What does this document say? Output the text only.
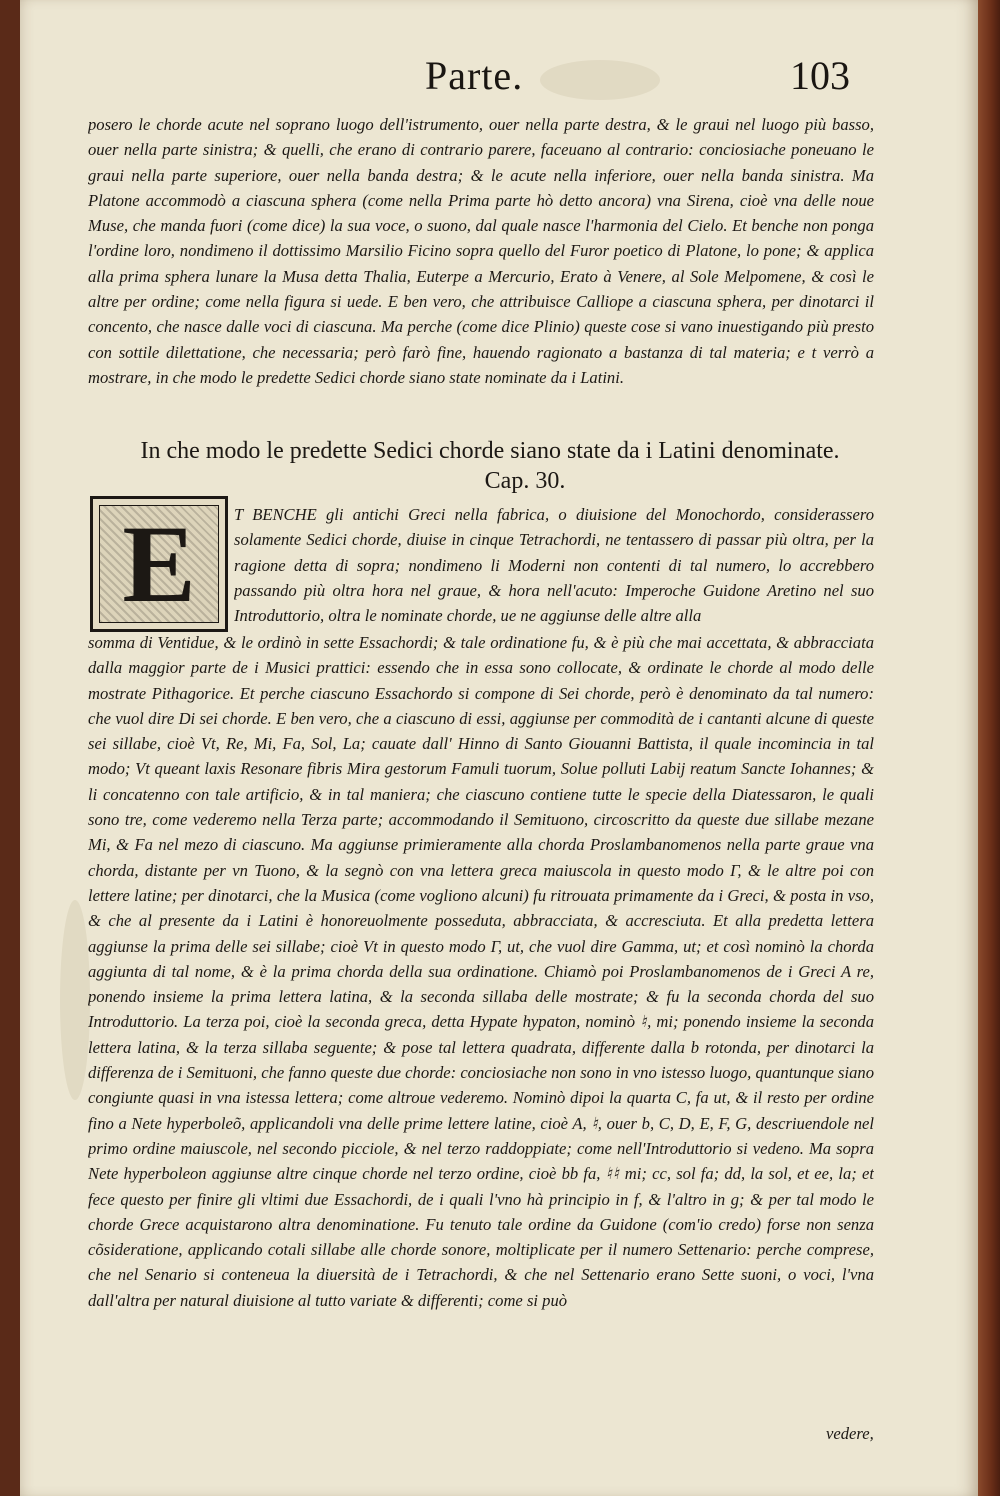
Parte.	103
posero le chorde acute nel soprano luogo dell'istrumento, ouer nella parte destra, & le graui nel luogo più basso, ouer nella parte sinistra; & quelli, che erano di contrario parere, faceuano al contrario: conciosiache poneuano le graui nella parte superiore, ouer nella banda destra; & le acute nella inferiore, ouer nella banda sinistra. Ma Platone accommodò a ciascuna sphera (come nella Prima parte hò detto ancora) vna Sirena, cioè vna delle noue Muse, che manda fuori (come dice) la sua voce, o suono, dal quale nasce l'harmonia del Cielo. Et benche non ponga l'ordine loro, nondimeno il dottissimo Marsilio Ficino sopra quello del Furor poetico di Platone, lo pone; & applica alla prima sphera lunare la Musa detta Thalia, Euterpe a Mercurio, Erato à Venere, al Sole Melpomene, & così le altre per ordine; come nella figura si uede. E ben vero, che attribuisce Calliope a ciascuna sphera, per dinotarci il concento, che nasce dalle voci di ciascuna. Ma perche (come dice Plinio) queste cose si vano inuestigando più presto con sottile dilettatione, che necessaria; però farò fine, hauendo ragionato a bastanza di tal materia; e t verrò a mostrare, in che modo le predette Sedici chorde siano state nominate da i Latini.
In che modo le predette Sedici chorde siano state da i Latini denominate. Cap. 30.
E	T BENCHE gli antichi Greci nella fabrica, o diuisione del Monochordo, considerassero solamente Sedici chorde, diuise in cinque Tetrachordi, ne tentassero di passar più oltra, per la ragione detta di sopra; nondimeno li Moderni non contenti di tal numero, lo accrebbero passando più oltra hora nel graue, & hora nell'acuto: Imperoche Guidone Aretino nel suo Introduttorio, oltra le nominate chorde, ue ne aggiunse delle altre alla
somma di Ventidue, & le ordinò in sette Essachordi; & tale ordinatione fu, & è più che mai accettata, & abbracciata dalla maggior parte de i Musici prattici: essendo che in essa sono collocate, & ordinate le chorde al modo delle mostrate Pithagorice. Et perche ciascuno Essachordo si compone di Sei chorde, però è denominato da tal numero: che vuol dire Di sei chorde. E ben vero, che a ciascuno di essi, aggiunse per commodità de i cantanti alcune di queste sei sillabe, cioè Vt, Re, Mi, Fa, Sol, La; cauate dall' Hinno di Santo Giouanni Battista, il quale incomincia in tal modo; Vt queant laxis Resonare fibris Mira gestorum Famuli tuorum, Solue polluti Labij reatum Sancte Iohannes; & li concatenno con tale artificio, & in tal maniera; che ciascuno contiene tutte le specie della Diatessaron, le quali sono tre, come vederemo nella Terza parte; accommodando il Semituono, circoscritto da queste due sillabe mezane Mi, & Fa nel mezo di ciascuno. Ma aggiunse primieramente alla chorda Proslambanomenos nella parte graue vna chorda, distante per vn Tuono, & la segnò con vna lettera greca maiuscola in questo modo Γ, & le altre poi con lettere latine; per dinotarci, che la Musica (come vogliono alcuni) fu ritrouata primamente da i Greci, & posta in vso, & che al presente da i Latini è honoreuolmente posseduta, abbracciata, & accresciuta. Et alla predetta lettera aggiunse la prima delle sei sillabe; cioè Vt in questo modo Γ, ut, che vuol dire Gamma, ut; et così nominò la chorda aggiunta di tal nome, & è la prima chorda della sua ordinatione. Chiamò poi Proslambanomenos de i Greci A re, ponendo insieme la prima lettera latina, & la seconda sillaba delle mostrate; & fu la seconda chorda del suo Introduttorio. La terza poi, cioè la seconda greca, detta Hypate hypaton, nominò ♮, mi; ponendo insieme la seconda lettera latina, & la terza sillaba seguente; & pose tal lettera quadrata, differente dalla b rotonda, per dinotarci la differenza de i Semituoni, che fanno queste due chorde: conciosiache non sono in vno istesso luogo, quantunque siano congiunte quasi in vna istessa lettera; come altroue vederemo. Nominò dipoi la quarta C, fa ut, & il resto per ordine fino a Nete hyperboleõ, applicandoli vna delle prime lettere latine, cioè A, ♮, ouer b, C, D, E, F, G, descriuendole nel primo ordine maiuscole, nel secondo picciole, & nel terzo raddoppiate; come nell'Introduttorio si vedeno. Ma sopra Nete hyperboleon aggiunse altre cinque chorde nel terzo ordine, cioè bb fa, ♮♮ mi; cc, sol fa; dd, la sol, et ee, la; et fece questo per finire gli vltimi due Essachordi, de i quali l'vno hà principio in f, & l'altro in g; & per tal modo le chorde Grece acquistarono altra denominatione. Fu tenuto tale ordine da Guidone (com'io credo) forse non senza cõsideratione, applicando cotali sillabe alle chorde sonore, moltiplicate per il numero Settenario: perche comprese, che nel Senario si conteneua la diuersità de i Tetrachordi, & che nel Settenario erano Sette suoni, o voci, l'vna dall'altra per natural diuisione al tutto variate & differenti; come si può
vedere,
